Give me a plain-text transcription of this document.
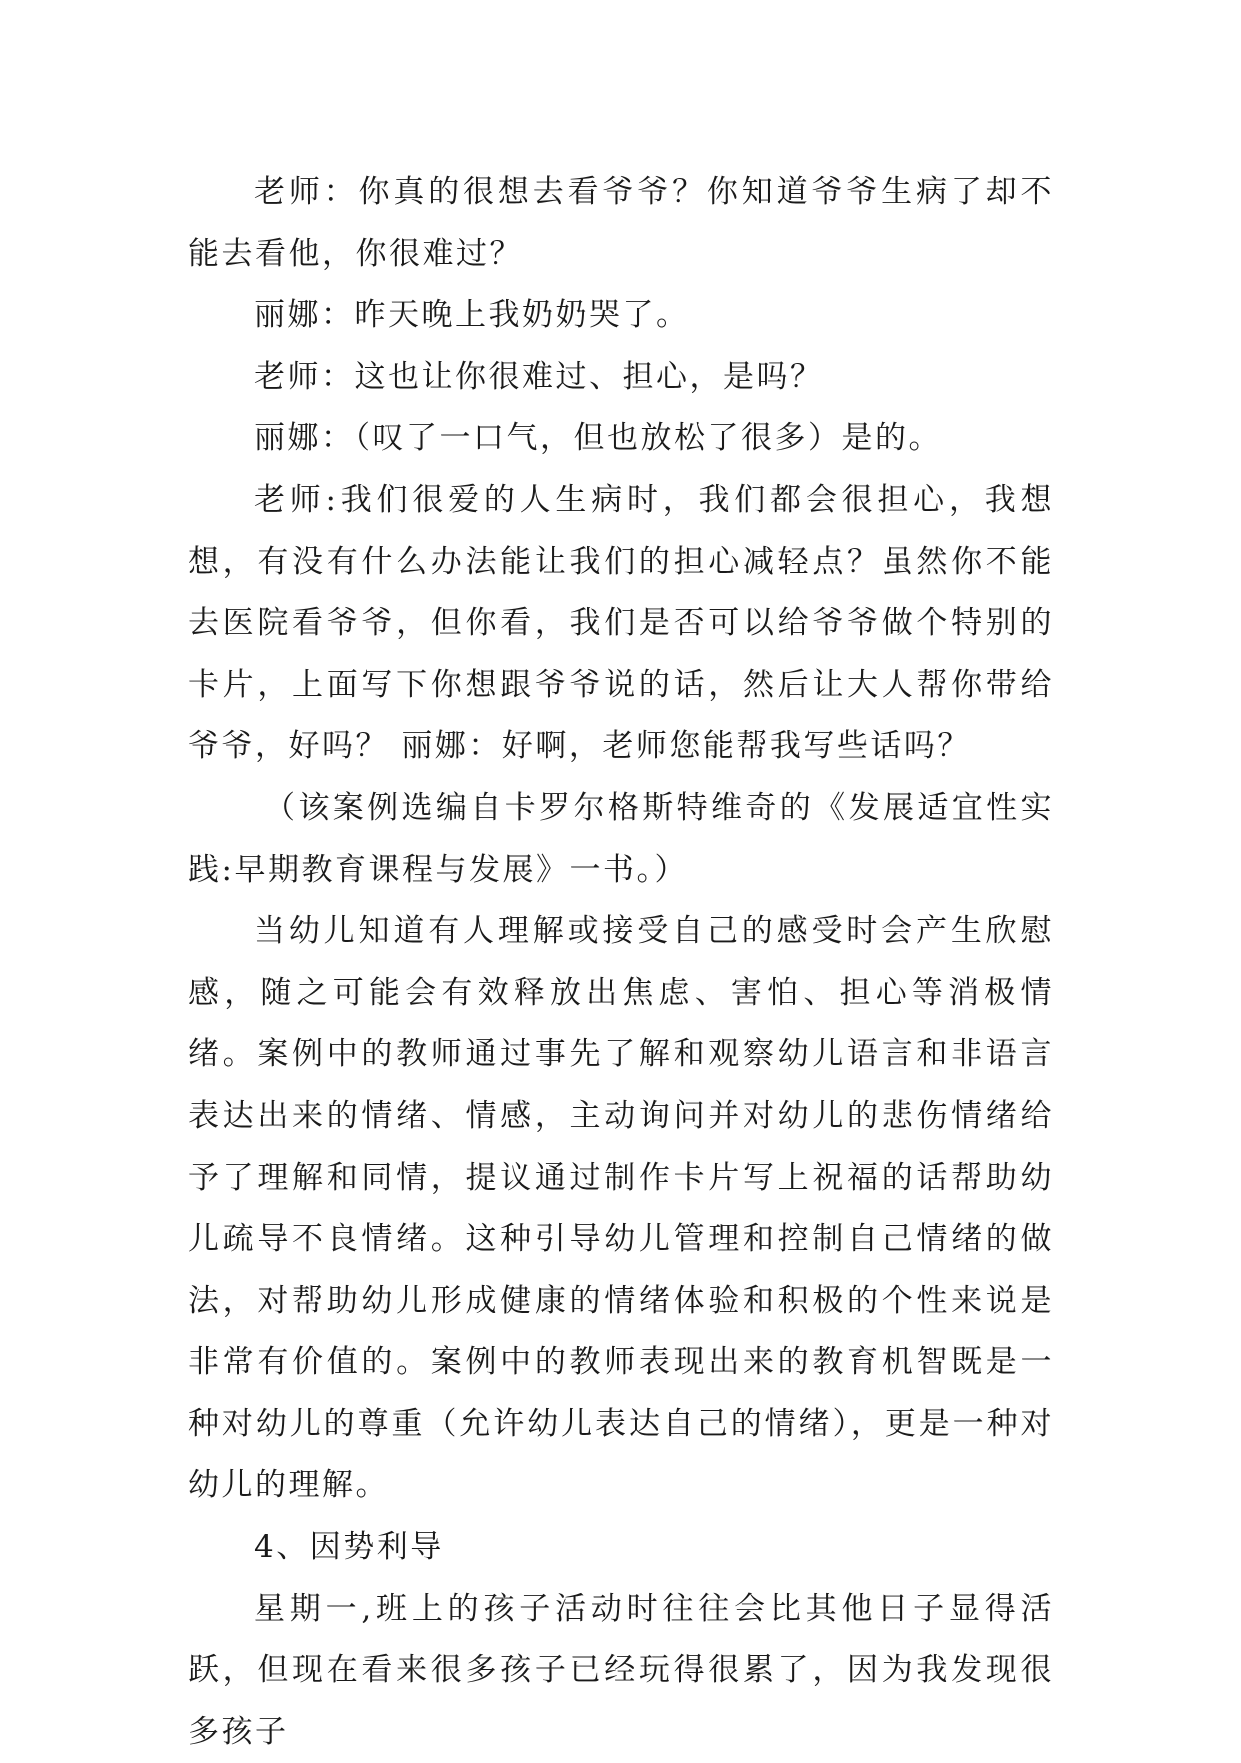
老师：你真的很想去看爷爷？你知道爷爷生病了却不能去看他，你很难过？

丽娜：昨天晚上我奶奶哭了。

老师：这也让你很难过、担心，是吗？

丽娜：（叹了一口气，但也放松了很多）是的。

老师:我们很爱的人生病时，我们都会很担心，我想想，有没有什么办法能让我们的担心减轻点？虽然你不能去医院看爷爷，但你看，我们是否可以给爷爷做个特别的卡片，上面写下你想跟爷爷说的话，然后让大人帮你带给爷爷，好吗？ 丽娜：好啊，老师您能帮我写些话吗？

（该案例选编自卡罗尔格斯特维奇的《发展适宜性实践:早期教育课程与发展》一书。）

当幼儿知道有人理解或接受自己的感受时会产生欣慰感，随之可能会有效释放出焦虑、害怕、担心等消极情绪。案例中的教师通过事先了解和观察幼儿语言和非语言表达出来的情绪、情感，主动询问并对幼儿的悲伤情绪给予了理解和同情，提议通过制作卡片写上祝福的话帮助幼儿疏导不良情绪。这种引导幼儿管理和控制自己情绪的做法，对帮助幼儿形成健康的情绪体验和积极的个性来说是非常有价值的。案例中的教师表现出来的教育机智既是一种对幼儿的尊重（允许幼儿表达自己的情绪），更是一种对幼儿的理解。

4、因势利导

星期一,班上的孩子活动时往往会比其他日子显得活跃，但现在看来很多孩子已经玩得很累了，因为我发现很多孩子
